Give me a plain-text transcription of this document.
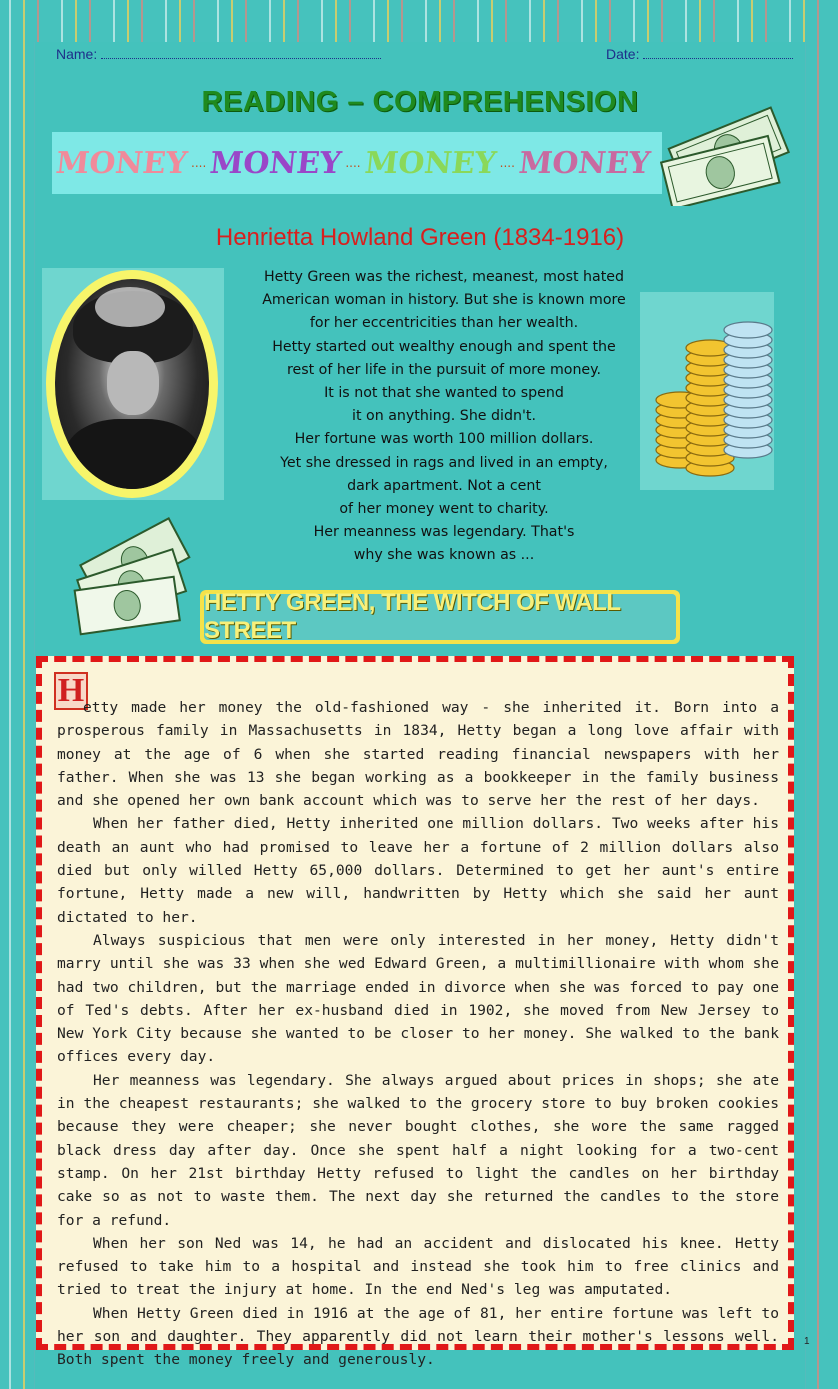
Name:	Date:
READING – COMPREHENSION
MONEY .... MONEY .... MONEY .... MONEY
Henrietta Howland Green (1834-1916)
Hetty Green was the richest, meanest, most hated
American woman in history. But she is known more
for her eccentricities than her wealth.
Hetty started out wealthy enough and spent the
rest of her life in the pursuit of more money.
It is not that she wanted to spend
it on anything. She didn't.
Her fortune was worth 100 million dollars.
Yet she dressed in rags and lived in an empty,
dark apartment. Not a cent
of her money went to charity.
Her meanness was legendary. That's
why she was known as ...
HETTY GREEN, THE WITCH OF WALL STREET
H

etty made her money the old-fashioned way - she inherited it. Born into a prosperous family in Massachusetts in 1834, Hetty began a long love affair with money at the age of 6 when she started reading financial newspapers with her father. When she was 13 she began working as a bookkeeper in the family business and she opened her own bank account which was to serve her the rest of her days.

When her father died, Hetty inherited one million dollars. Two weeks after his death an aunt who had promised to leave her a fortune of 2 million dollars also died but only willed Hetty 65,000 dollars. Determined to get her aunt's entire fortune, Hetty made a new will, handwritten by Hetty which she said her aunt dictated to her.

Always suspicious that men were only interested in her money, Hetty didn't marry until she was 33 when she wed Edward Green, a multimillionaire with whom she had two children, but the marriage ended in divorce when she was forced to pay one of Ted's debts. After her ex-husband died in 1902, she moved from New Jersey to New York City because she wanted to be closer to her money. She walked to the bank offices every day.

Her meanness was legendary. She always argued about prices in shops; she ate in the cheapest restaurants; she walked to the grocery store to buy broken cookies because they were cheaper; she never bought clothes, she wore the same ragged black dress day after day. Once she spent half a night looking for a two-cent stamp. On her 21st birthday Hetty refused to light the candles on her birthday cake so as not to waste them. The next day she returned the candles to the store for a refund.

When her son Ned was 14, he had an accident and dislocated his knee. Hetty refused to take him to a hospital and instead she took him to free clinics and tried to treat the injury at home. In the end Ned's leg was amputated.

When Hetty Green died in 1916 at the age of 81, her entire fortune was left to her son and daughter. They apparently did not learn their mother's lessons well. Both spent the money freely and generously.

1
